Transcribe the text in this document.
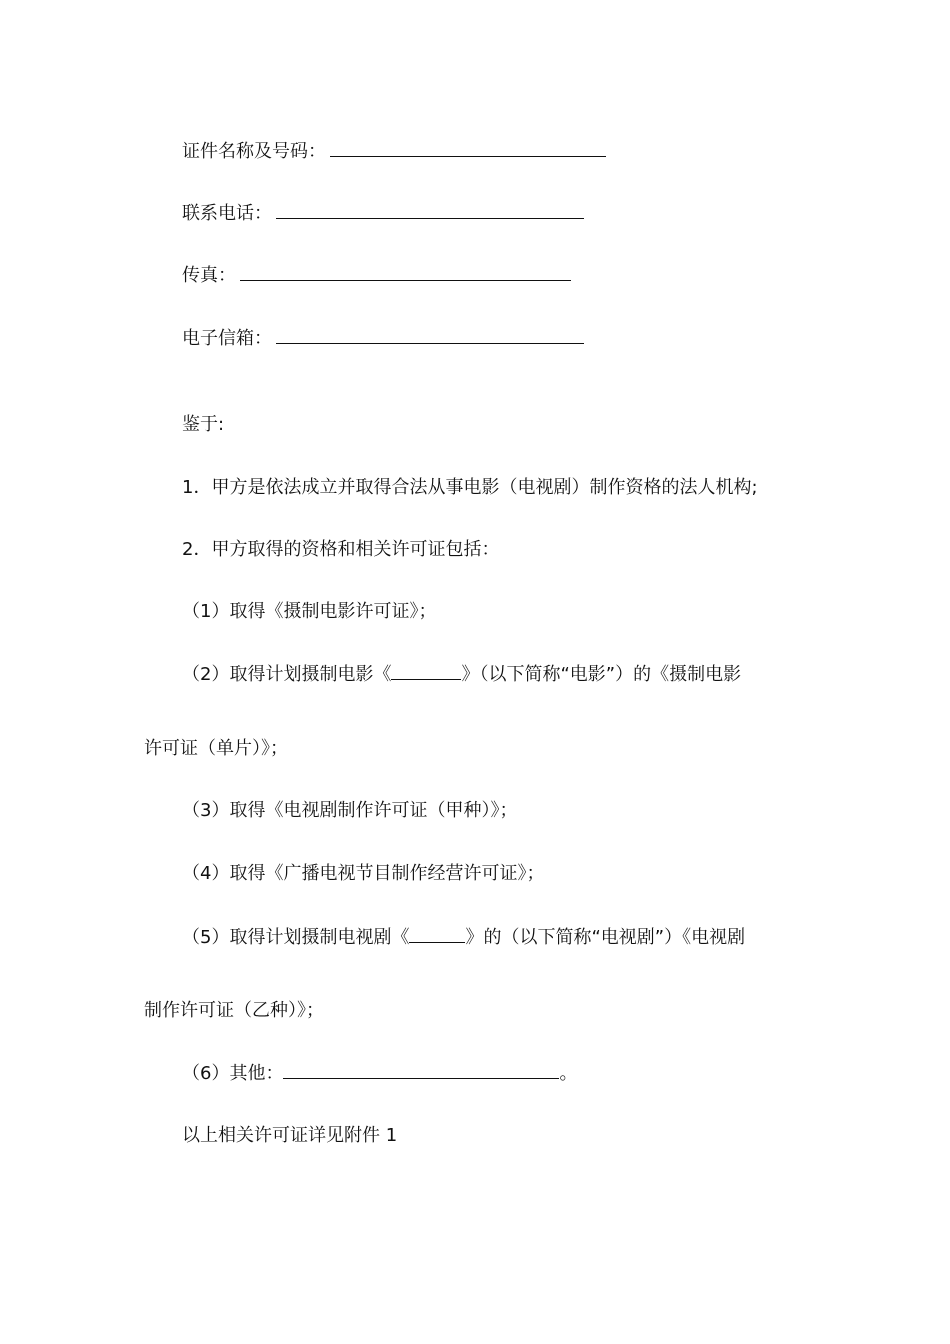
证件名称及号码：
联系电话：
传真：
电子信箱：
鉴于:
1．甲方是依法成立并取得合法从事电影（电视剧）制作资格的法人机构;
2．甲方取得的资格和相关许可证包括：
（1）取得《摄制电影许可证》；
（2）取得计划摄制电影《	》（以下简称“电影”）的《摄制电影
许可证（单片）》；
（3）取得《电视剧制作许可证（甲种）》；
（4）取得《广播电视节目制作经营许可证》；
（5）取得计划摄制电视剧《	》的（以下简称“电视剧”）《电视剧
制作许可证（乙种）》；
（6）其他：	。
以上相关许可证详见附件 1
